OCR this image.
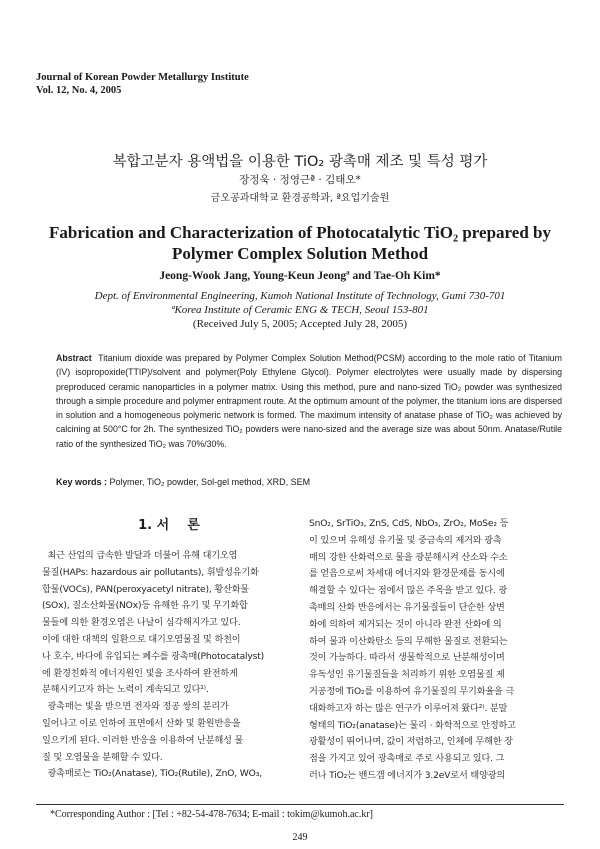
Journal of Korean Powder Metallurgy Institute
Vol. 12, No. 4, 2005
복합고분자 용액법을 이용한 TiO₂ 광촉매 제조 및 특성 평가
장정욱 · 정영근ª · 김태오*
금오공과대학교 환경공학과, ª요업기술원
Fabrication and Characterization of Photocatalytic TiO₂ prepared by
Polymer Complex Solution Method
Jeong-Wook Jang, Young-Keun Jeongª and Tae-Oh Kim*
Dept. of Environmental Engineering, Kumoh National Institute of Technology, Gumi 730-701
ªKorea Institute of Ceramic ENG & TECH, Seoul 153-801
(Received July 5, 2005; Accepted July 28, 2005)
Abstract Titanium dioxide was prepared by Polymer Complex Solution Method(PCSM) according to the mole ratio of Titanium (IV) isopropoxide(TTIP)/solvent and polymer(Poly Ethylene Glycol). Polymer electrolytes were usually made by dispersing preproduced ceramic nanoparticles in a polymer matrix. Using this method, pure and nano-sized TiO₂ powder was synthesized through a simple procedure and polymer entrapment route. At the optimum amount of the polymer, the titanium ions are dispersed in solution and a homogeneous polymeric network is formed. The maximum intensity of anatase phase of TiO₂ was achieved by calcining at 500°C for 2h. The synthesized TiO₂ powders were nano-sized and the average size was about 50nm. Anatase/Rutile ratio of the synthesized TiO₂ was 70%/30%.
Key words : Polymer, TiO₂ powder, Sol-gel method, XRD, SEM
1. 서    론
최근 산업의 급속한 발달과 더불어 유해 대기오염
물질(HAPs: hazardous air pollutants), 휘발성유기화
합물(VOCs), PAN(peroxyacetyl nitrate), 황산화물
(SOx), 질소산화물(NOx)등 유해한 유기 및 무기화합
물들에 의한 환경오염은 나날이 심각해지가고 있다.
이에 대한 대책의 일환으로 대기오염물질 및 하천이
나 호수, 바다에 유입되는 폐수를 광촉매(Photocatalyst)
에 환경친화적 에너지원인 빛을 조사하여 완전하게
분해시키고자 하는 노력이 계속되고 있다¹⁾.
광촉매는 빛을 받으면 전자와 정공 쌍의 분리가
일어나고 이로 인하여 표면에서 산화 및 환원반응을
일으키게 된다. 이러한 반응을 이용하여 난분해성 물
질 및 오염물을 분해할 수 있다.
광촉매로는 TiO₂(Anatase), TiO₂(Rutile), ZnO, WO₃,
SnO₂, SrTiO₃, ZnS, CdS, NbO₃, ZrO₂, MoSe₂ 등
이 있으며 유해성 유기물 및 중금속의 제거와 광촉
매의 강한 산화력으로 물을 광분해시켜 산소와 수소
를 얻음으로써 차세대 에너지와 환경문제를 동시에
해결할 수 있다는 점에서 많은 주목을 받고 있다. 광
촉매의 산화 반응에서는 유기물질들이 단순한 상변
화에 의하여 제거되는 것이 아니라 완전 산화에 의
하여 물과 이산화탄소 등의 무해한 물질로 전환되는
것이 가능하다. 따라서 생물학적으로 난분해성이며
유독성인 유기물질들을 처리하기 위한 오염물질 제
거공정에 TiO₂를 이용하여 유기물질의 무기화율을 극
대화하고자 하는 많은 연구가 이루어져 왔다²⁾. 분말
형태의 TiO₂(anatase)는 물리 · 화학적으로 안정하고
광활성이 뛰어나며, 값이 저렴하고, 인체에 무해한 장
점을 가지고 있어 광촉매로 주로 사용되고 있다. 그
러나 TiO₂는 밴드갭 에너지가 3.2eV로서 태양광의
*Corresponding Author : [Tel : +82-54-478-7634; E-mail : tokim@kumoh.ac.kr]
249
